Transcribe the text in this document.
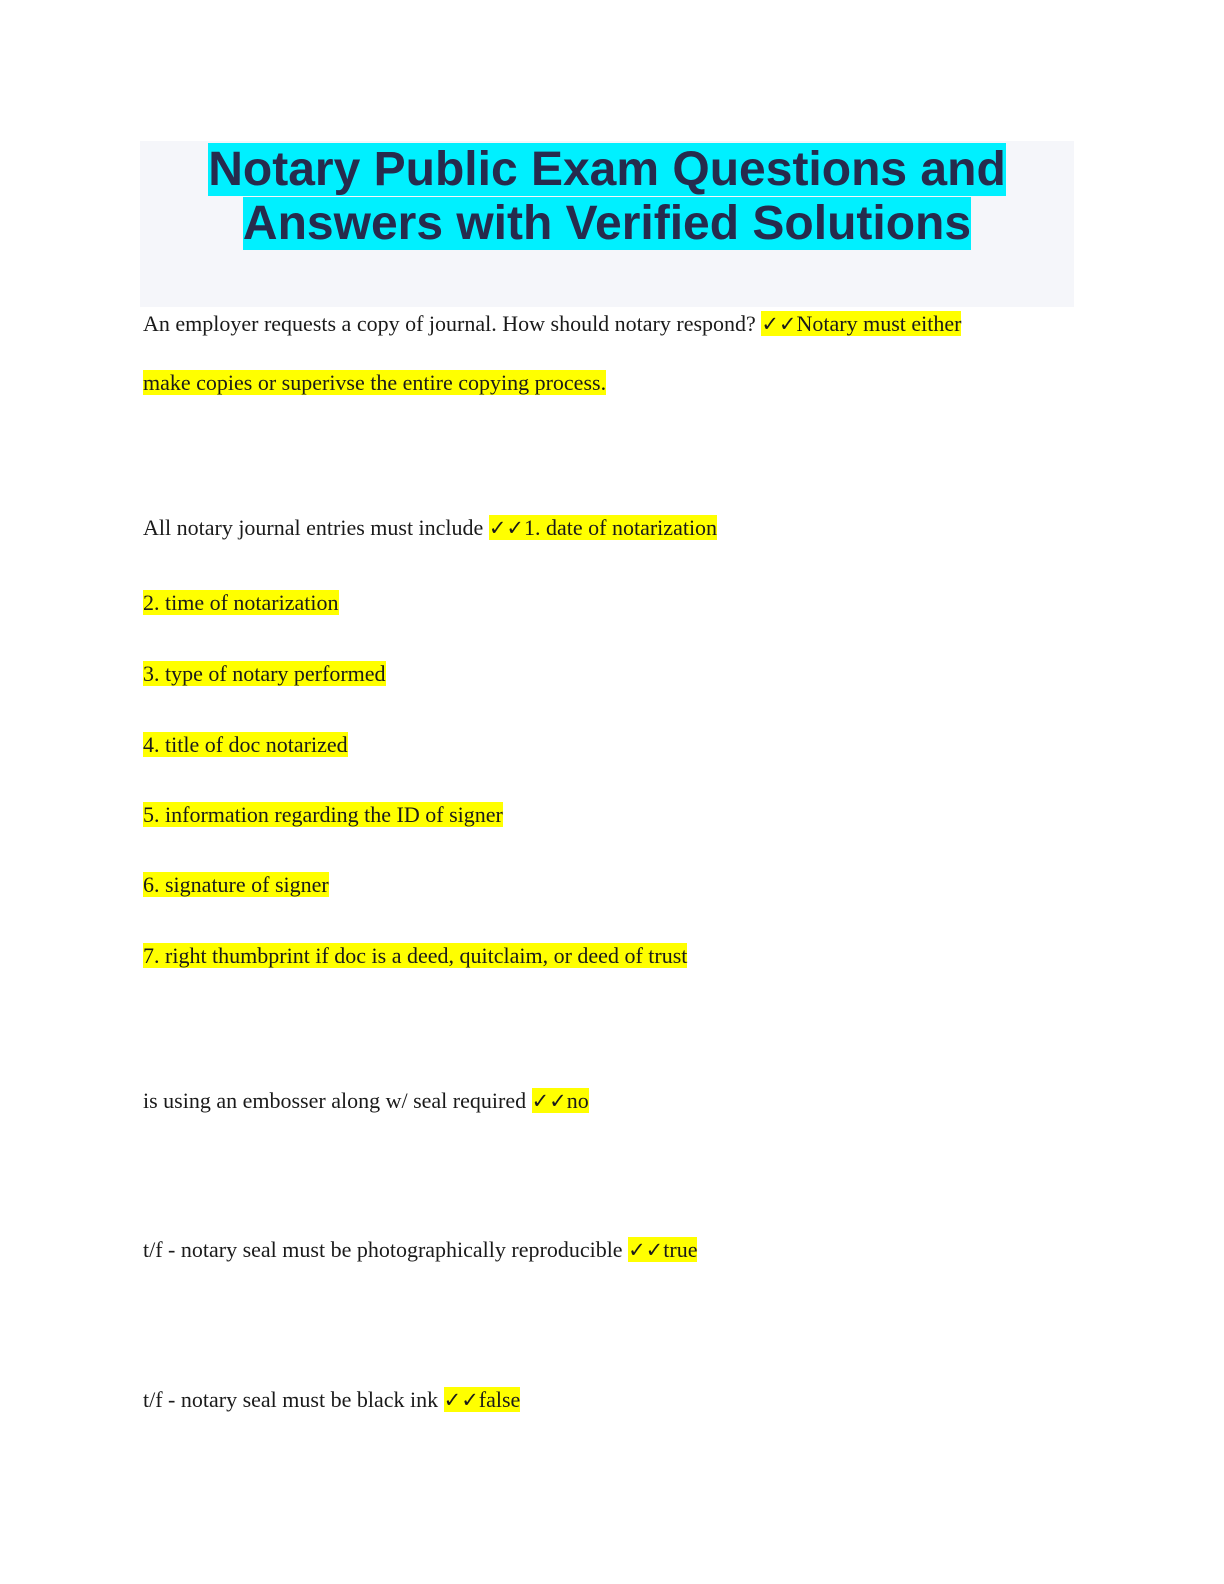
Notary Public Exam Questions and
Answers with Verified Solutions
An employer requests a copy of journal. How should notary respond? ✓✓Notary must either
make copies or superivse the entire copying process.
All notary journal entries must include ✓✓1. date of notarization
2. time of notarization
3. type of notary performed
4. title of doc notarized
5. information regarding the ID of signer
6. signature of signer
7. right thumbprint if doc is a deed, quitclaim, or deed of trust
is using an embosser along w/ seal required ✓✓no
t/f - notary seal must be photographically reproducible ✓✓true
t/f - notary seal must be black ink ✓✓false
